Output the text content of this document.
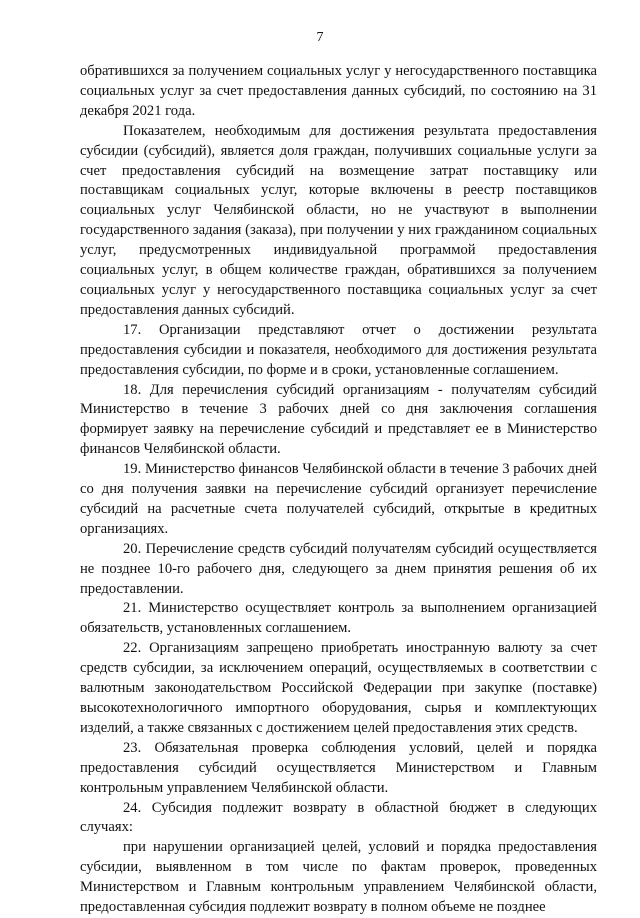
7

обратившихся за получением социальных услуг у негосударственного поставщика социальных услуг за счет предоставления данных субсидий, по состоянию на 31 декабря 2021 года.

Показателем, необходимым для достижения результата предоставления субсидии (субсидий), является доля граждан, получивших социальные услуги за счет предоставления субсидий на возмещение затрат поставщику или поставщикам социальных услуг, которые включены в реестр поставщиков социальных услуг Челябинской области, но не участвуют в выполнении государственного задания (заказа), при получении у них гражданином социальных услуг, предусмотренных индивидуальной программой предоставления социальных услуг, в общем количестве граждан, обратившихся за получением социальных услуг у негосударственного поставщика социальных услуг за счет предоставления данных субсидий.

17. Организации представляют отчет о достижении результата предоставления субсидии и показателя, необходимого для достижения результата предоставления субсидии, по форме и в сроки, установленные соглашением.

18. Для перечисления субсидий организациям - получателям субсидий Министерство в течение 3 рабочих дней со дня заключения соглашения формирует заявку на перечисление субсидий и представляет ее в Министерство финансов Челябинской области.

19. Министерство финансов Челябинской области в течение 3 рабочих дней со дня получения заявки на перечисление субсидий организует перечисление субсидий на расчетные счета получателей субсидий, открытые в кредитных организациях.

20. Перечисление средств субсидий получателям субсидий осуществляется не позднее 10-го рабочего дня, следующего за днем принятия решения об их предоставлении.

21. Министерство осуществляет контроль за выполнением организацией обязательств, установленных соглашением.

22. Организациям запрещено приобретать иностранную валюту за счет средств субсидии, за исключением операций, осуществляемых в соответствии с валютным законодательством Российской Федерации при закупке (поставке) высокотехнологичного импортного оборудования, сырья и комплектующих изделий, а также связанных с достижением целей предоставления этих средств.

23. Обязательная проверка соблюдения условий, целей и порядка предоставления субсидий осуществляется Министерством и Главным контрольным управлением Челябинской области.

24. Субсидия подлежит возврату в областной бюджет в следующих случаях:

при нарушении организацией целей, условий и порядка предоставления субсидии, выявленном в том числе по фактам проверок, проведенных Министерством и Главным контрольным управлением Челябинской области, предоставленная субсидия подлежит возврату в полном объеме не позднее
